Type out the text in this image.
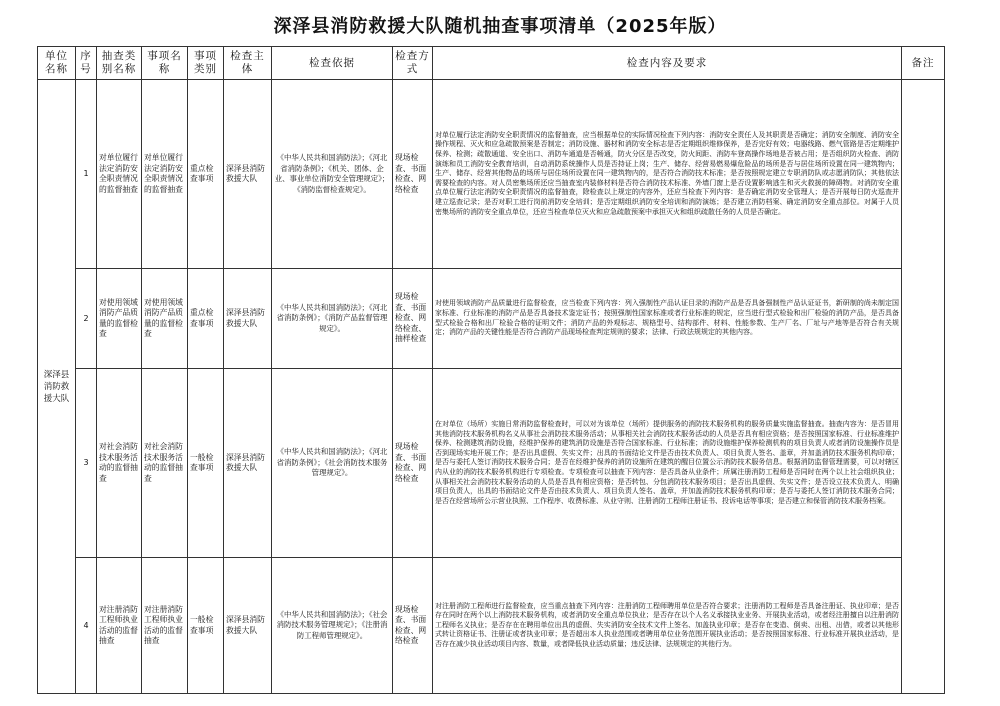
深泽县消防救援大队随机抽查事项清单（2025年版）
单位名称	序号	抽查类别名称	事项名称	事项类别	检查主体	检查依据	检查方式	检查内容及要求	备注
深泽县消防救援大队	1	对单位履行法定消防安全职责情况的监督抽查	对单位履行法定消防安全职责情况的监督抽查	重点检查事项	深泽县消防救援大队	《中华人民共和国消防法》；《河北省消防条例》；《机关、团体、企业、事业单位消防安全管理规定》；《消防监督检查规定》。	现场检查、书面检查、网络检查	对单位履行法定消防安全职责情况的监督抽查，应当根据单位的实际情况检查下列内容：消防安全责任人及其职责是否确定；消防安全制度、消防安全操作规程、灭火和应急疏散预案是否制定；消防设施、器材和消防安全标志是否定期组织维修保养，是否完好有效；电器线路、燃气管路是否定期维护保养、检测；疏散通道、安全出口、消防车通道是否畅通，防火分区是否改变，防火间距、消防车登高操作场地是否被占用；是否组织防火检查、消防演练和员工消防安全教育培训，自动消防系统操作人员是否持证上岗；生产、储存、经营易燃易爆危险品的场所是否与居住场所设置在同一建筑物内；生产、储存、经营其他物品的场所与居住场所设置在同一建筑物内的，是否符合消防技术标准；是否按照规定建立专职消防队或志愿消防队；其他依法需要检查的内容。对人员密集场所还应当抽查室内装修材料是否符合消防技术标准、外墙门窗上是否设置影响逃生和灭火救援的障碍物。对消防安全重点单位履行法定消防安全职责情况的监督抽查，除检查以上规定的内容外，还应当检查下列内容：是否确定消防安全管理人；是否开展每日防火巡查并建立巡查记录；是否对职工进行岗前消防安全培训；是否定期组织消防安全培训和消防演练；是否建立消防档案、确定消防安全重点部位。对属于人员密集场所的消防安全重点单位，还应当检查单位灭火和应急疏散预案中承担灭火和组织疏散任务的人员是否确定。	
	2	对使用领域消防产品质量的监督检查	对使用领域消防产品质量的监督检查	重点检查事项	深泽县消防救援大队	《中华人民共和国消防法》；《河北省消防条例》；《消防产品监督管理规定》。	现场检查、书面检查、网络检查、抽样检查	对使用领域消防产品质量进行监督检查，应当检查下列内容：列入强制性产品认证目录的消防产品是否具备强制性产品认证证书，新研制的尚未制定国家标准、行业标准的消防产品是否具备技术鉴定证书；按照强制性国家标准或者行业标准的规定，应当进行型式检验和出厂检验的消防产品，是否具备型式检验合格和出厂检验合格的证明文件；消防产品的外观标志、规格型号、结构部件、材料、性能参数、生产厂名、厂址与产地等是否符合有关规定；消防产品的关键性能是否符合消防产品现场检查判定规则的要求；法律、行政法规规定的其他内容。	
	3	对社会消防技术服务活动的监督抽查	对社会消防技术服务活动的监督抽查	一般检查事项	深泽县消防救援大队	《中华人民共和国消防法》；《河北省消防条例》；《社会消防技术服务管理规定》。	现场检查、书面检查、网络检查	在对单位（场所）实施日常消防监督检查时，可以对为该单位（场所）提供服务的消防技术服务机构的服务质量实施监督抽查。抽查内容为：是否冒用其他消防技术服务机构名义从事社会消防技术服务活动；从事相关社会消防技术服务活动的人员是否具有相应资格；是否按照国家标准、行业标准维护保养、检测建筑消防设施，经维护保养的建筑消防设施是否符合国家标准、行业标准；消防设施维护保养检测机构的项目负责人或者消防设施操作员是否到现场实地开展工作；是否出具虚假、失实文件；出具的书面结论文件是否由技术负责人、项目负责人签名、盖章，并加盖消防技术服务机构印章；是否与委托人签订消防技术服务合同；是否在经维护保养的消防设施所在建筑的醒目位置公示消防技术服务信息。根据消防监督管理需要，可以对辖区内从业的消防技术服务机构进行专项检查。专项检查可以抽查下列内容：是否具备从业条件；所属注册消防工程师是否同时在两个以上社会组织执业；从事相关社会消防技术服务活动的人员是否具有相应资格；是否转包、分包消防技术服务项目；是否出具虚假、失实文件；是否设立技术负责人、明确项目负责人，出具的书面结论文件是否由技术负责人、项目负责人签名、盖章，并加盖消防技术服务机构印章；是否与委托人签订消防技术服务合同；是否在经营场所公示营业执照、工作程序、收费标准、从业守则、注册消防工程师注册证书、投诉电话等事项；是否建立和保管消防技术服务档案。	
	4	对注册消防工程师执业活动的监督抽查	对注册消防工程师执业活动的监督抽查	一般检查事项	深泽县消防救援大队	《中华人民共和国消防法》；《社会消防技术服务管理规定》；《注册消防工程师管理规定》。	现场检查、书面检查、网络检查	对注册消防工程师进行监督检查，应当重点抽查下列内容：注册消防工程师聘用单位是否符合要求；注册消防工程师是否具备注册证、执业印章；是否存在同时在两个以上消防技术服务机构，或者消防安全重点单位执业；是否存在以个人名义承接执业业务、开展执业活动，或者经注册擅自以注册消防工程师名义执业；是否存在在聘用单位出具的虚假、失实消防安全技术文件上签名、加盖执业印章；是否存在变造、倒卖、出租、出借，或者以其他形式转让资格证书、注册证或者执业印章；是否超出本人执业范围或者聘用单位业务范围开展执业活动；是否按照国家标准、行业标准开展执业活动，是否存在减少执业活动项目内容、数量，或者降低执业活动质量；违反法律、法规规定的其他行为。	
